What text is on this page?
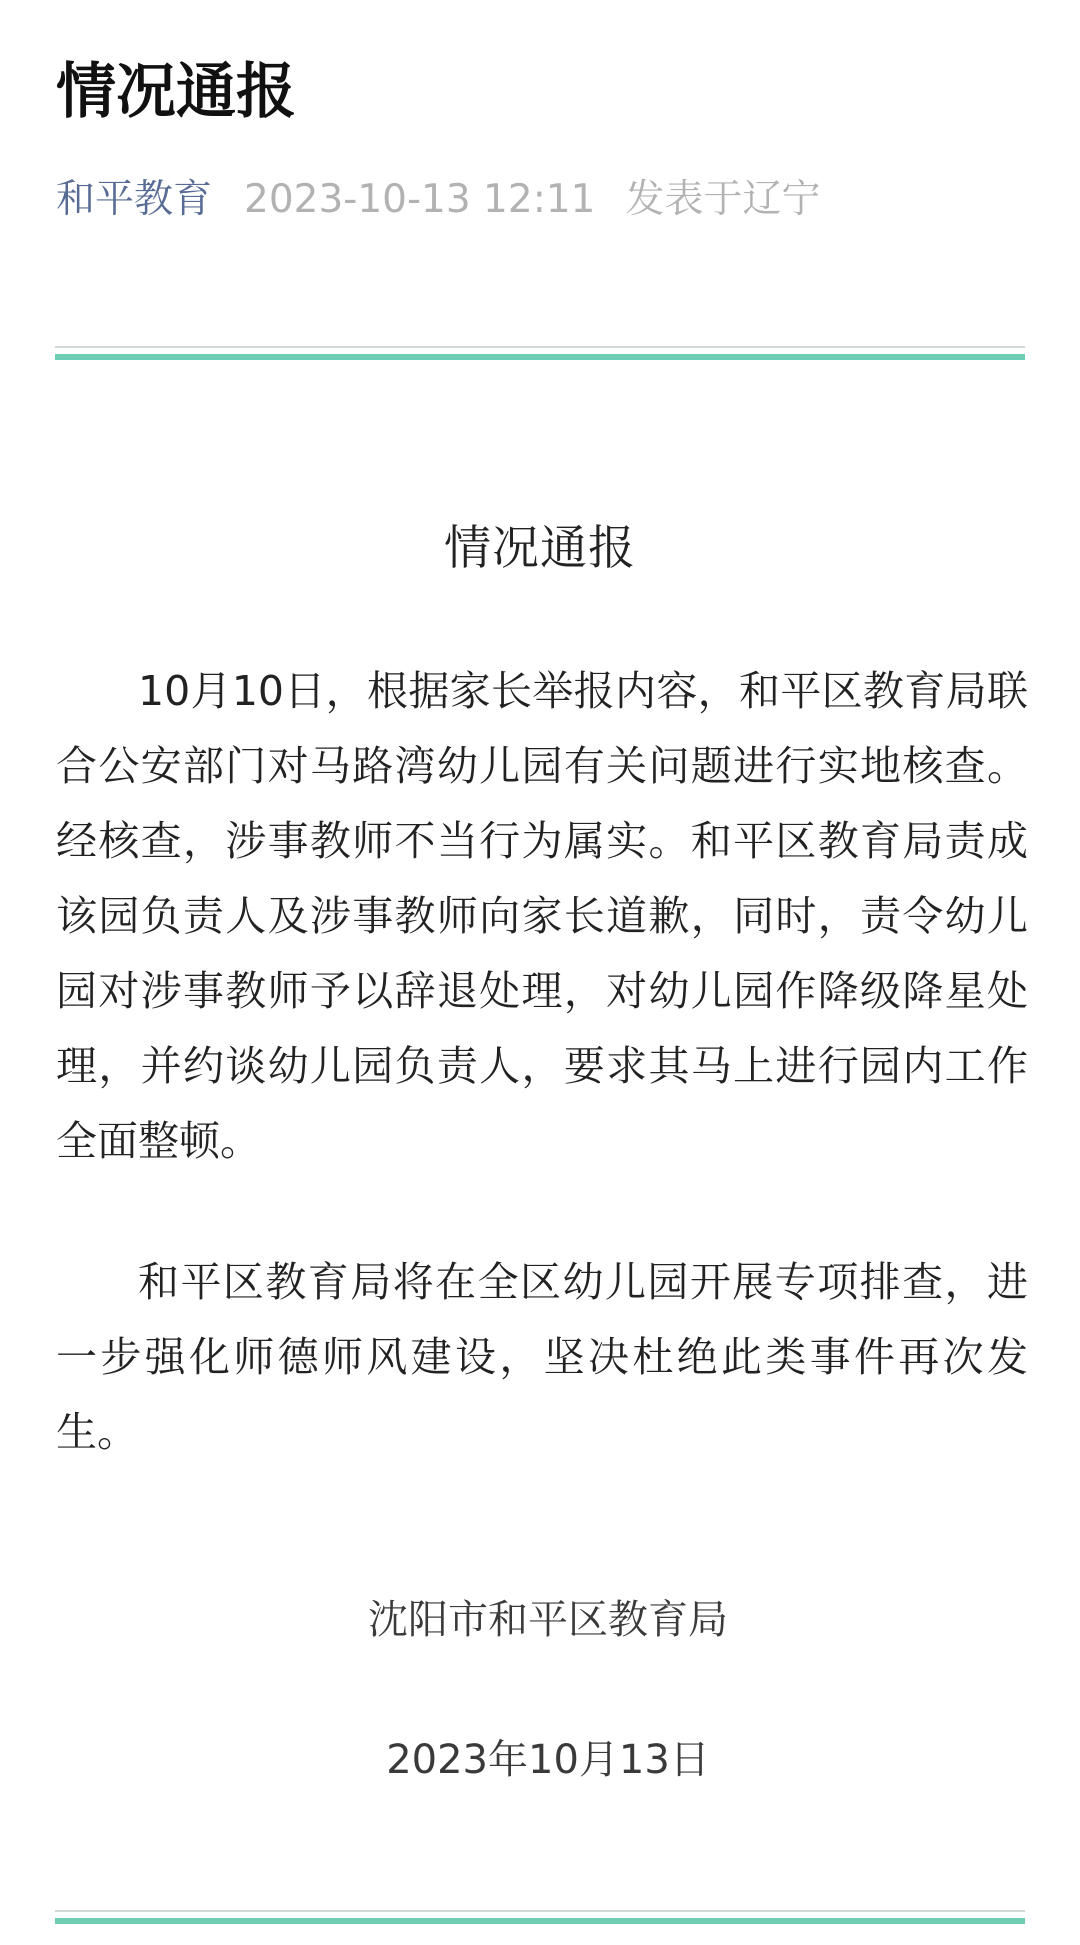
情况通报
和平教育 2023-10-13 12:11 发表于辽宁
情况通报

10月10日，根据家长举报内容，和平区教育局联合公安部门对马路湾幼儿园有关问题进行实地核查。经核查，涉事教师不当行为属实。和平区教育局责成该园负责人及涉事教师向家长道歉，同时，责令幼儿园对涉事教师予以辞退处理，对幼儿园作降级降星处理，并约谈幼儿园负责人，要求其马上进行园内工作全面整顿。

和平区教育局将在全区幼儿园开展专项排查，进一步强化师德师风建设，坚决杜绝此类事件再次发生。

沈阳市和平区教育局
2023年10月13日
